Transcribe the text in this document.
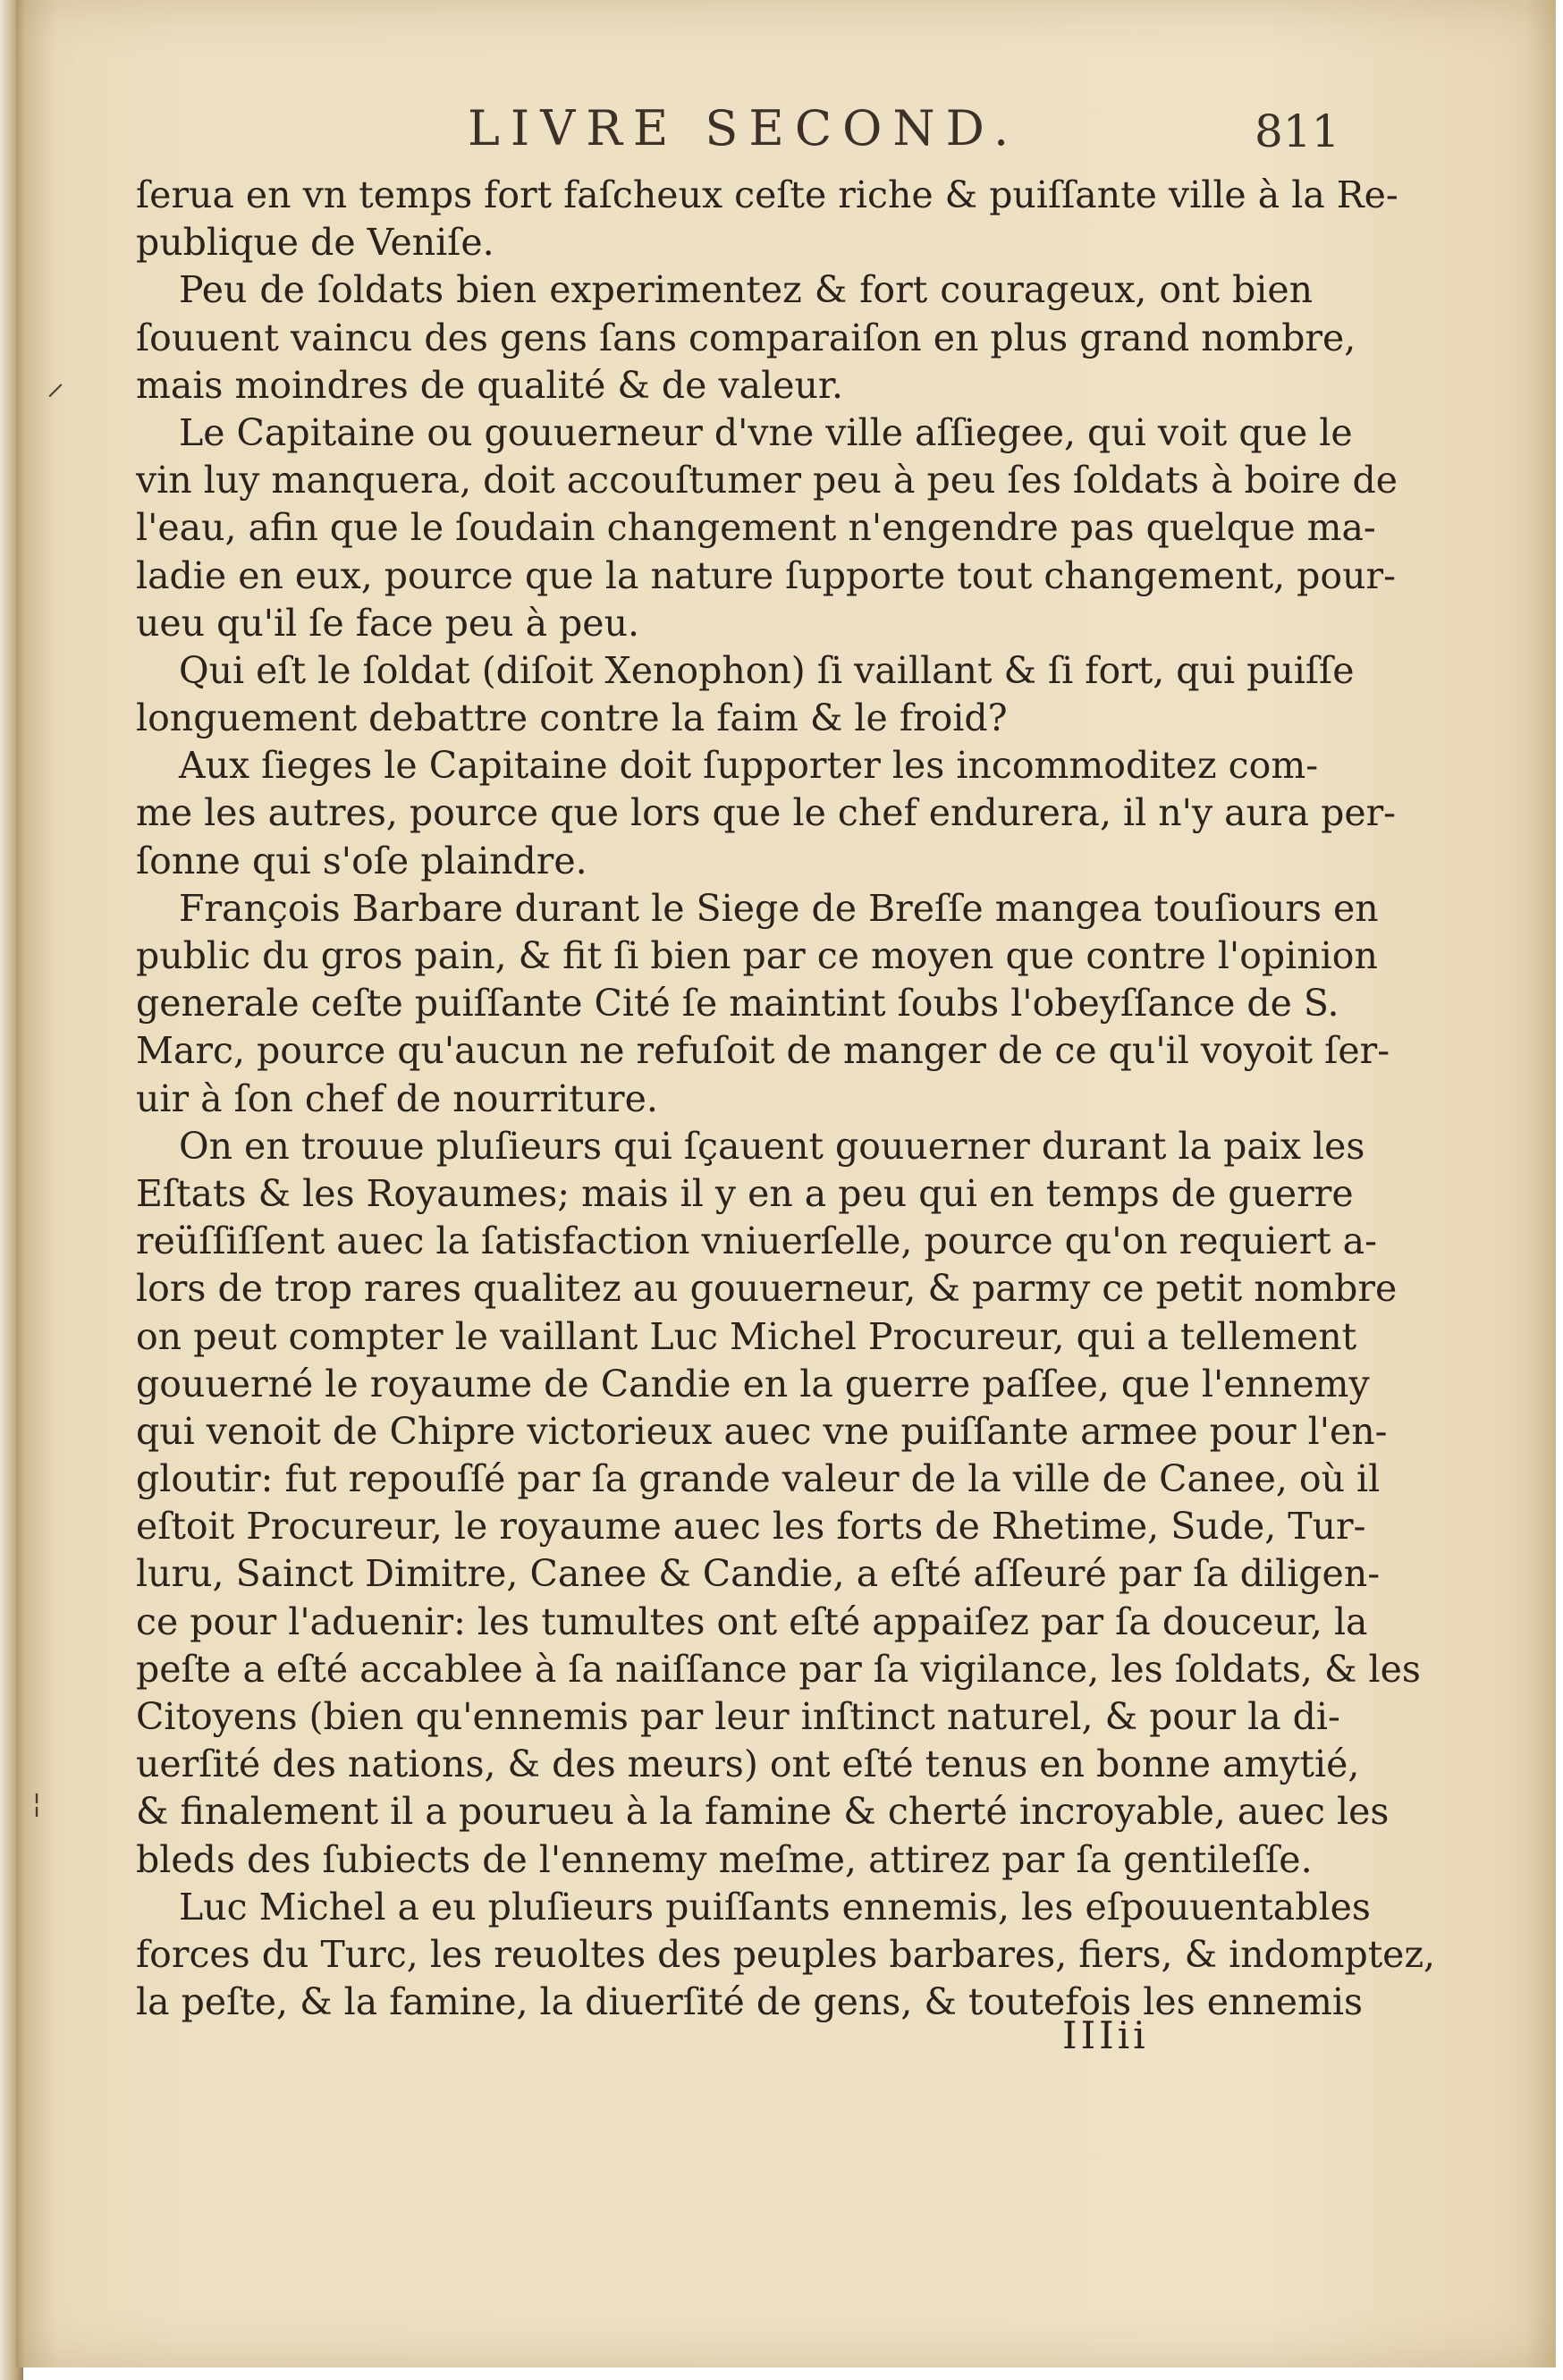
LIVRE SECOND.	811
ſerua en vn temps fort faſcheux ceſte riche & puiſſante ville à la Re-
publique de Veniſe.
Peu de ſoldats bien experimentez & fort courageux, ont bien
ſouuent vaincu des gens ſans comparaiſon en plus grand nombre,
mais moindres de qualité & de valeur.
Le Capitaine ou gouuerneur d'vne ville aſſiegee, qui voit que le
vin luy manquera, doit accouſtumer peu à peu ſes ſoldats à boire de
l'eau, afin que le ſoudain changement n'engendre pas quelque ma-
ladie en eux, pource que la nature ſupporte tout changement, pour-
ueu qu'il ſe face peu à peu.
Qui eſt le ſoldat (diſoit Xenophon) ſi vaillant & ſi fort, qui puiſſe
longuement debattre contre la faim & le froid?
Aux ſieges le Capitaine doit ſupporter les incommoditez com-
me les autres, pource que lors que le chef endurera, il n'y aura per-
ſonne qui s'oſe plaindre.
François Barbare durant le Siege de Breſſe mangea touſiours en
public du gros pain, & fit ſi bien par ce moyen que contre l'opinion
generale ceſte puiſſante Cité ſe maintint ſoubs l'obeyſſance de S.
Marc, pource qu'aucun ne refuſoit de manger de ce qu'il voyoit ſer-
uir à ſon chef de nourriture.
On en trouue pluſieurs qui ſçauent gouuerner durant la paix les
Eſtats & les Royaumes; mais il y en a peu qui en temps de guerre
reüſſiſſent auec la ſatisfaction vniuerſelle, pource qu'on requiert a-
lors de trop rares qualitez au gouuerneur, & parmy ce petit nombre
on peut compter le vaillant Luc Michel Procureur, qui a tellement
gouuerné le royaume de Candie en la guerre paſſee, que l'ennemy
qui venoit de Chipre victorieux auec vne puiſſante armee pour l'en-
gloutir: fut repouſſé par ſa grande valeur de la ville de Canee, où il
eſtoit Procureur, le royaume auec les forts de Rhetime, Sude, Tur-
luru, Sainct Dimitre, Canee & Candie, a eſté aſſeuré par ſa diligen-
ce pour l'aduenir: les tumultes ont eſté appaiſez par ſa douceur, la
peſte a eſté accablee à ſa naiſſance par ſa vigilance, les ſoldats, & les
Citoyens (bien qu'ennemis par leur inſtinct naturel, & pour la di-
uerſité des nations, & des meurs) ont eſté tenus en bonne amytié,
& finalement il a pourueu à la famine & cherté incroyable, auec les
bleds des ſubiects de l'ennemy meſme, attirez par ſa gentileſſe.
Luc Michel a eu pluſieurs puiſſants ennemis, les eſpouuentables
forces du Turc, les reuoltes des peuples barbares, fiers, & indomptez,
la peſte, & la famine, la diuerſité de gens, & toutefois les ennemis
IIIii
⸝
¦
